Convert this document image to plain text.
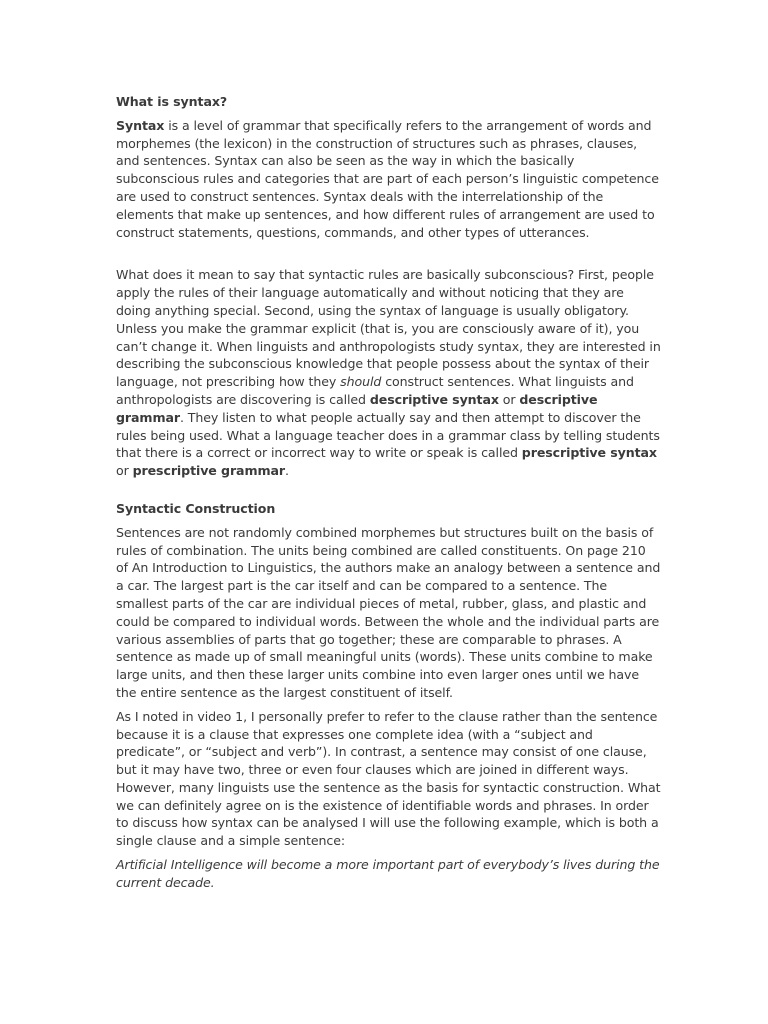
What is syntax?

Syntax is a level of grammar that specifically refers to the arrangement of words and morphemes (the lexicon) in the construction of structures such as phrases, clauses, and sentences. Syntax can also be seen as the way in which the basically subconscious rules and categories that are part of each person’s linguistic competence are used to construct sentences. Syntax deals with the interrelationship of the elements that make up sentences, and how different rules of arrangement are used to construct statements, questions, commands, and other types of utterances.

What does it mean to say that syntactic rules are basically subconscious? First, people apply the rules of their language automatically and without noticing that they are doing anything special. Second, using the syntax of language is usually obligatory. Unless you make the grammar explicit (that is, you are consciously aware of it), you can’t change it. When linguists and anthropologists study syntax, they are interested in describing the subconscious knowledge that people possess about the syntax of their language, not prescribing how they should construct sentences. What linguists and anthropologists are discovering is called descriptive syntax or descriptive grammar. They listen to what people actually say and then attempt to discover the rules being used. What a language teacher does in a grammar class by telling students that there is a correct or incorrect way to write or speak is called prescriptive syntax or prescriptive grammar.

Syntactic Construction

Sentences are not randomly combined morphemes but structures built on the basis of rules of combination. The units being combined are called constituents. On page 210 of An Introduction to Linguistics, the authors make an analogy between a sentence and a car. The largest part is the car itself and can be compared to a sentence. The smallest parts of the car are individual pieces of metal, rubber, glass, and plastic and could be compared to individual words. Between the whole and the individual parts are various assemblies of parts that go together; these are comparable to phrases. A sentence as made up of small meaningful units (words). These units combine to make large units, and then these larger units combine into even larger ones until we have the entire sentence as the largest constituent of itself.

As I noted in video 1, I personally prefer to refer to the clause rather than the sentence because it is a clause that expresses one complete idea (with a “subject and predicate”, or “subject and verb”). In contrast, a sentence may consist of one clause, but it may have two, three or even four clauses which are joined in different ways. However, many linguists use the sentence as the basis for syntactic construction. What we can definitely agree on is the existence of identifiable words and phrases. In order to discuss how syntax can be analysed I will use the following example, which is both a single clause and a simple sentence:

Artificial Intelligence will become a more important part of everybody’s lives during the current decade.
